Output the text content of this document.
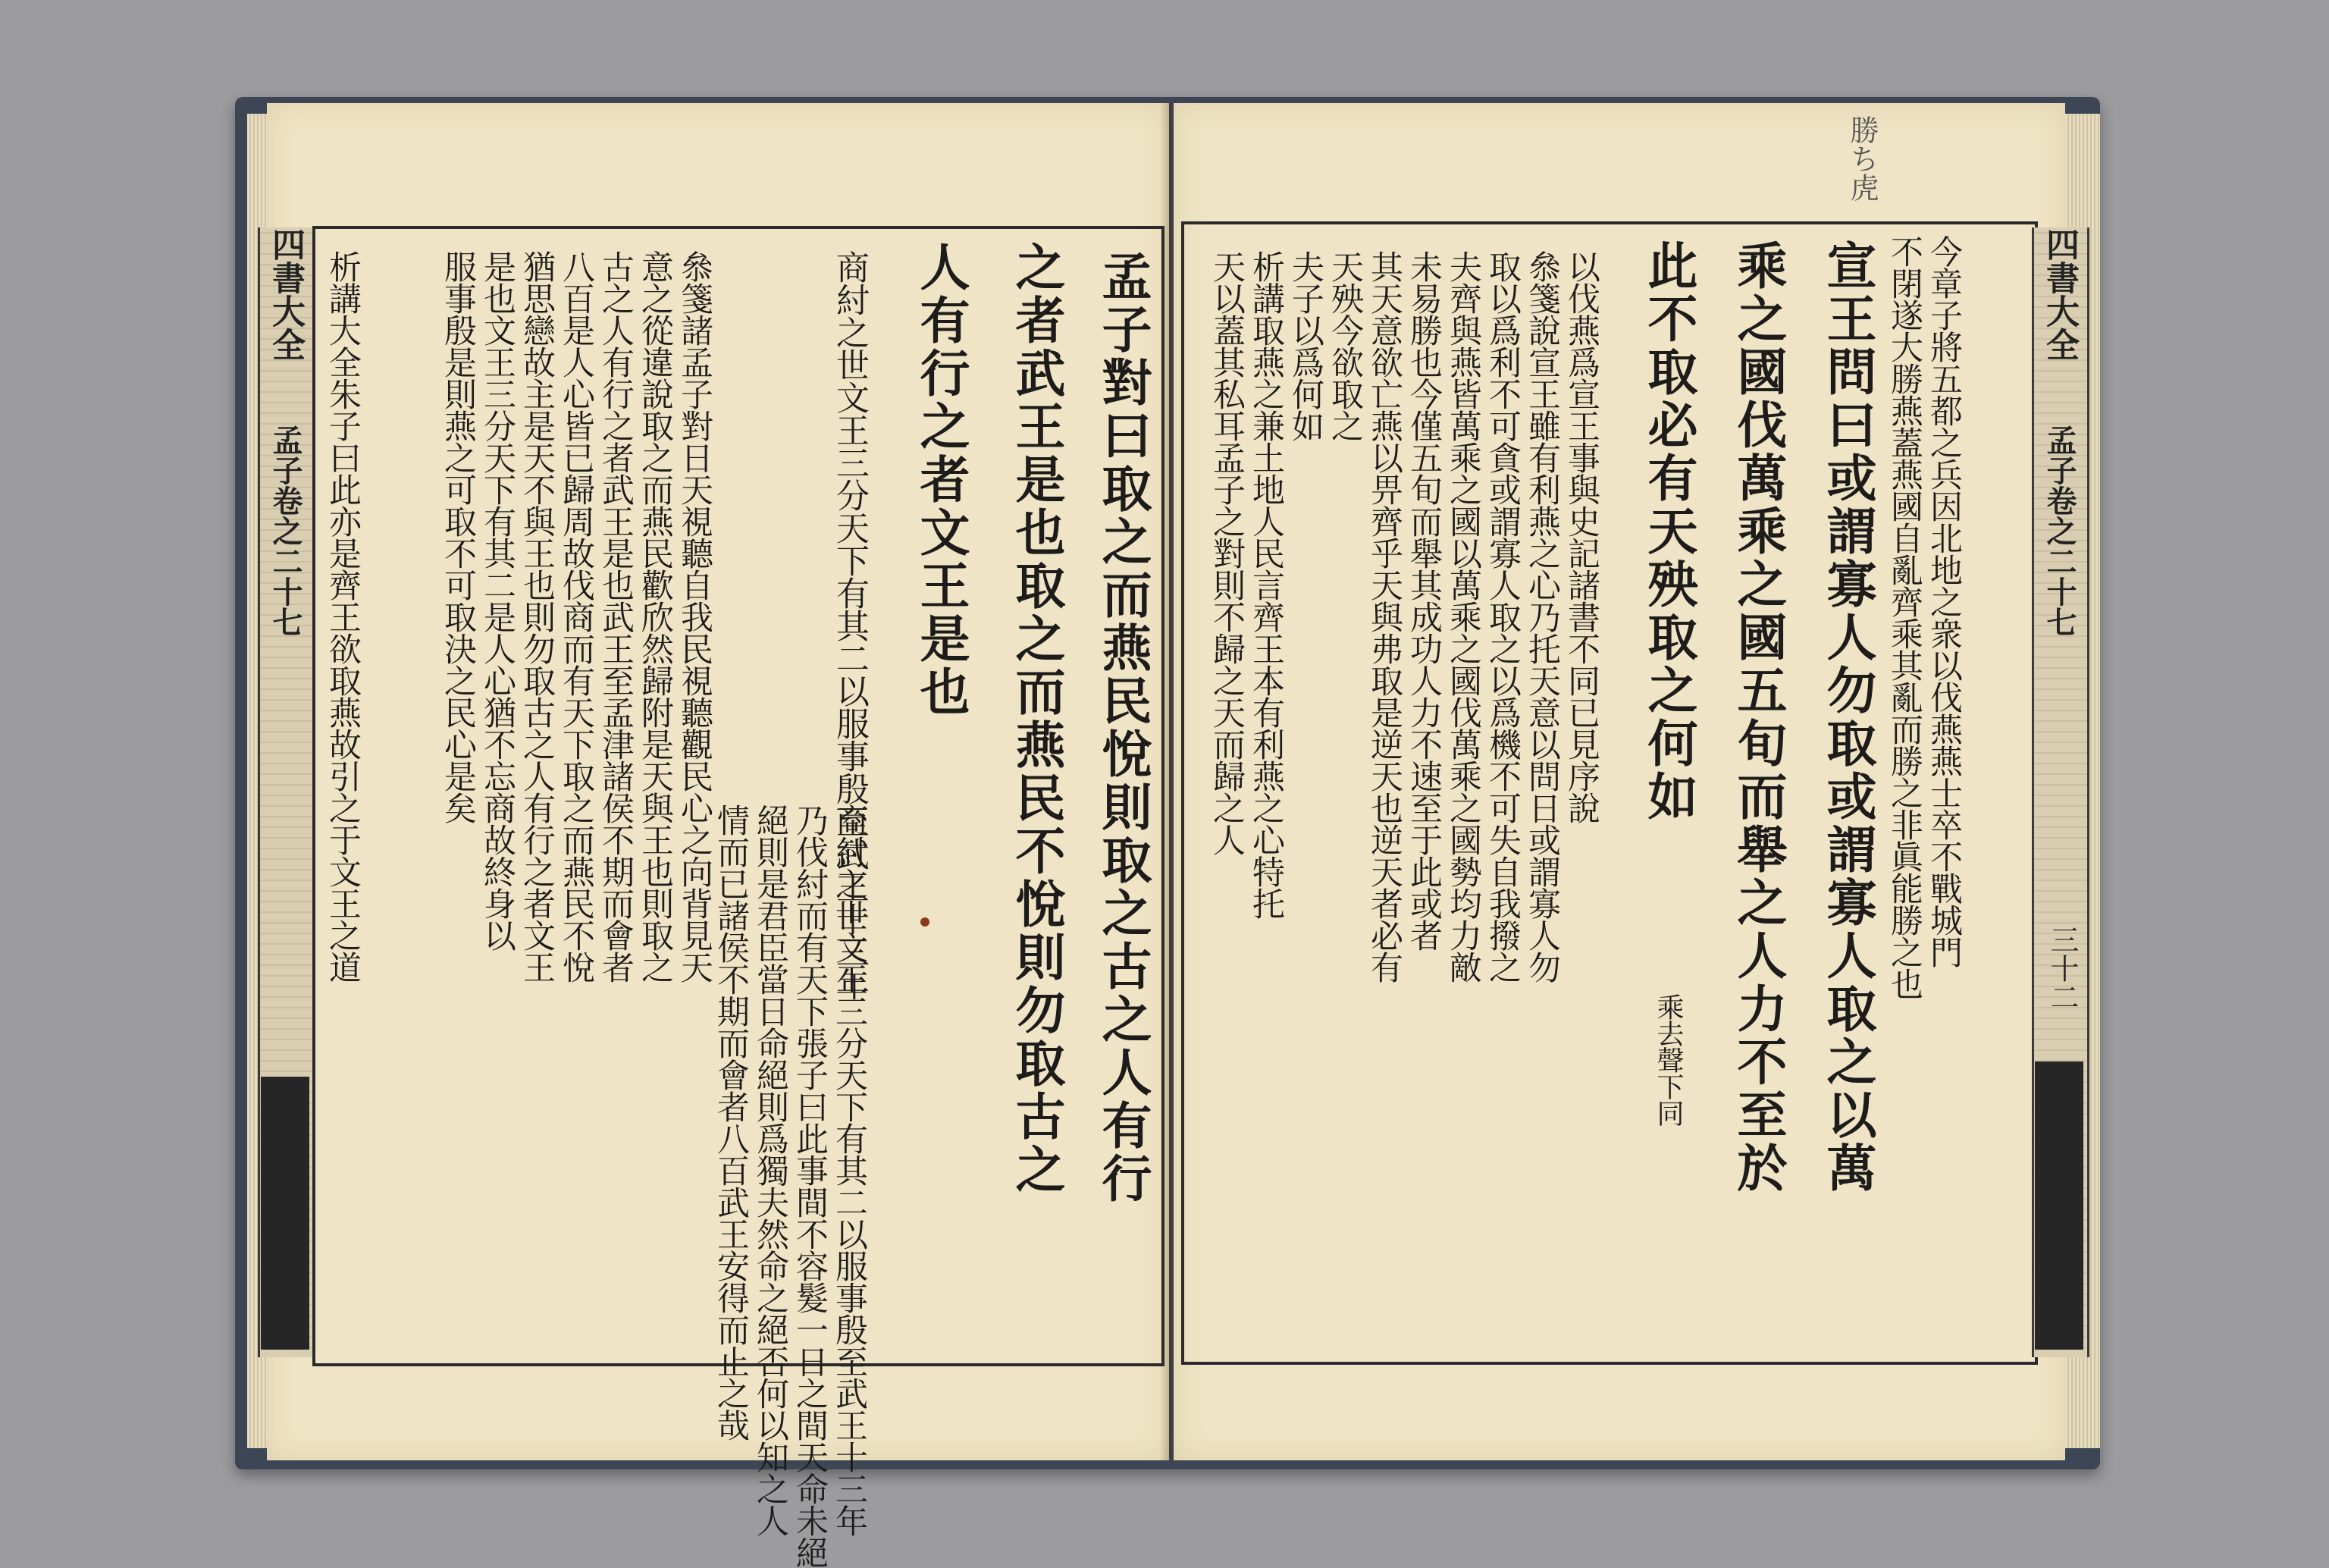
四書大全
孟子卷之二十七	孟子對曰取之而燕民悅則取之古之人有行
之者武王是也取之而燕民不悅則勿取古之
人有行之者文王是也
商紂之世文王三分天下有其二以服事殷至武王十三年
乃伐紂而有天下張子曰此事間不容髮一日之間天命未絕
絕則是君臣當日命絕則爲獨夫然命之絕否何以知之人
情而已諸侯不期而會者八百武王安得而止之哉
商紂之世文王三分天下有其二以服事殷至武王十三年
叅箋諸孟子對日天視聽自我民視聽觀民心之向背見天
意之從違說取之而燕民歡欣然歸附是天與王也則取之
古之人有行之者武王是也武王至孟津諸侯不期而會者
八百是人心皆已歸周故伐商而有天下取之而燕民不悅
猶思戀故主是天不與王也則勿取古之人有行之者文王
是也文王三分天下有其二是人心猶不忘商故終身以
服事殷是則燕之可取不可取決之民心是矣
析講大全朱子曰此亦是齊王欲取燕故引之于文王之道	四書大全
孟子卷之二十七
三十二
勝ち虎
今章子將五都之兵因北地之衆以伐燕燕士卒不戰城門
不閉遂大勝燕蓋燕國自亂齊乘其亂而勝之非眞能勝之也
宣王問曰或謂寡人勿取或謂寡人取之以萬
乘之國伐萬乘之國五旬而舉之人力不至於
此不取必有天殃取之何如
乘去聲下同
以伐燕爲宣王事與史記諸書不同已見序說
叅箋說宣王雖有利燕之心乃托天意以問日或謂寡人勿
取以爲利不可貪或謂寡人取之以爲機不可失自我撥之
夫齊與燕皆萬乘之國以萬乘之國伐萬乘之國勢均力敵
未易勝也今僅五旬而舉其成功人力不速至于此或者
其天意欲亡燕以畀齊乎天與弗取是逆天也逆天者必有
天殃今欲取之
夫子以爲何如
析講取燕之兼土地人民言齊王本有利燕之心特托
天以蓋其私耳孟子之對則不歸之天而歸之人
